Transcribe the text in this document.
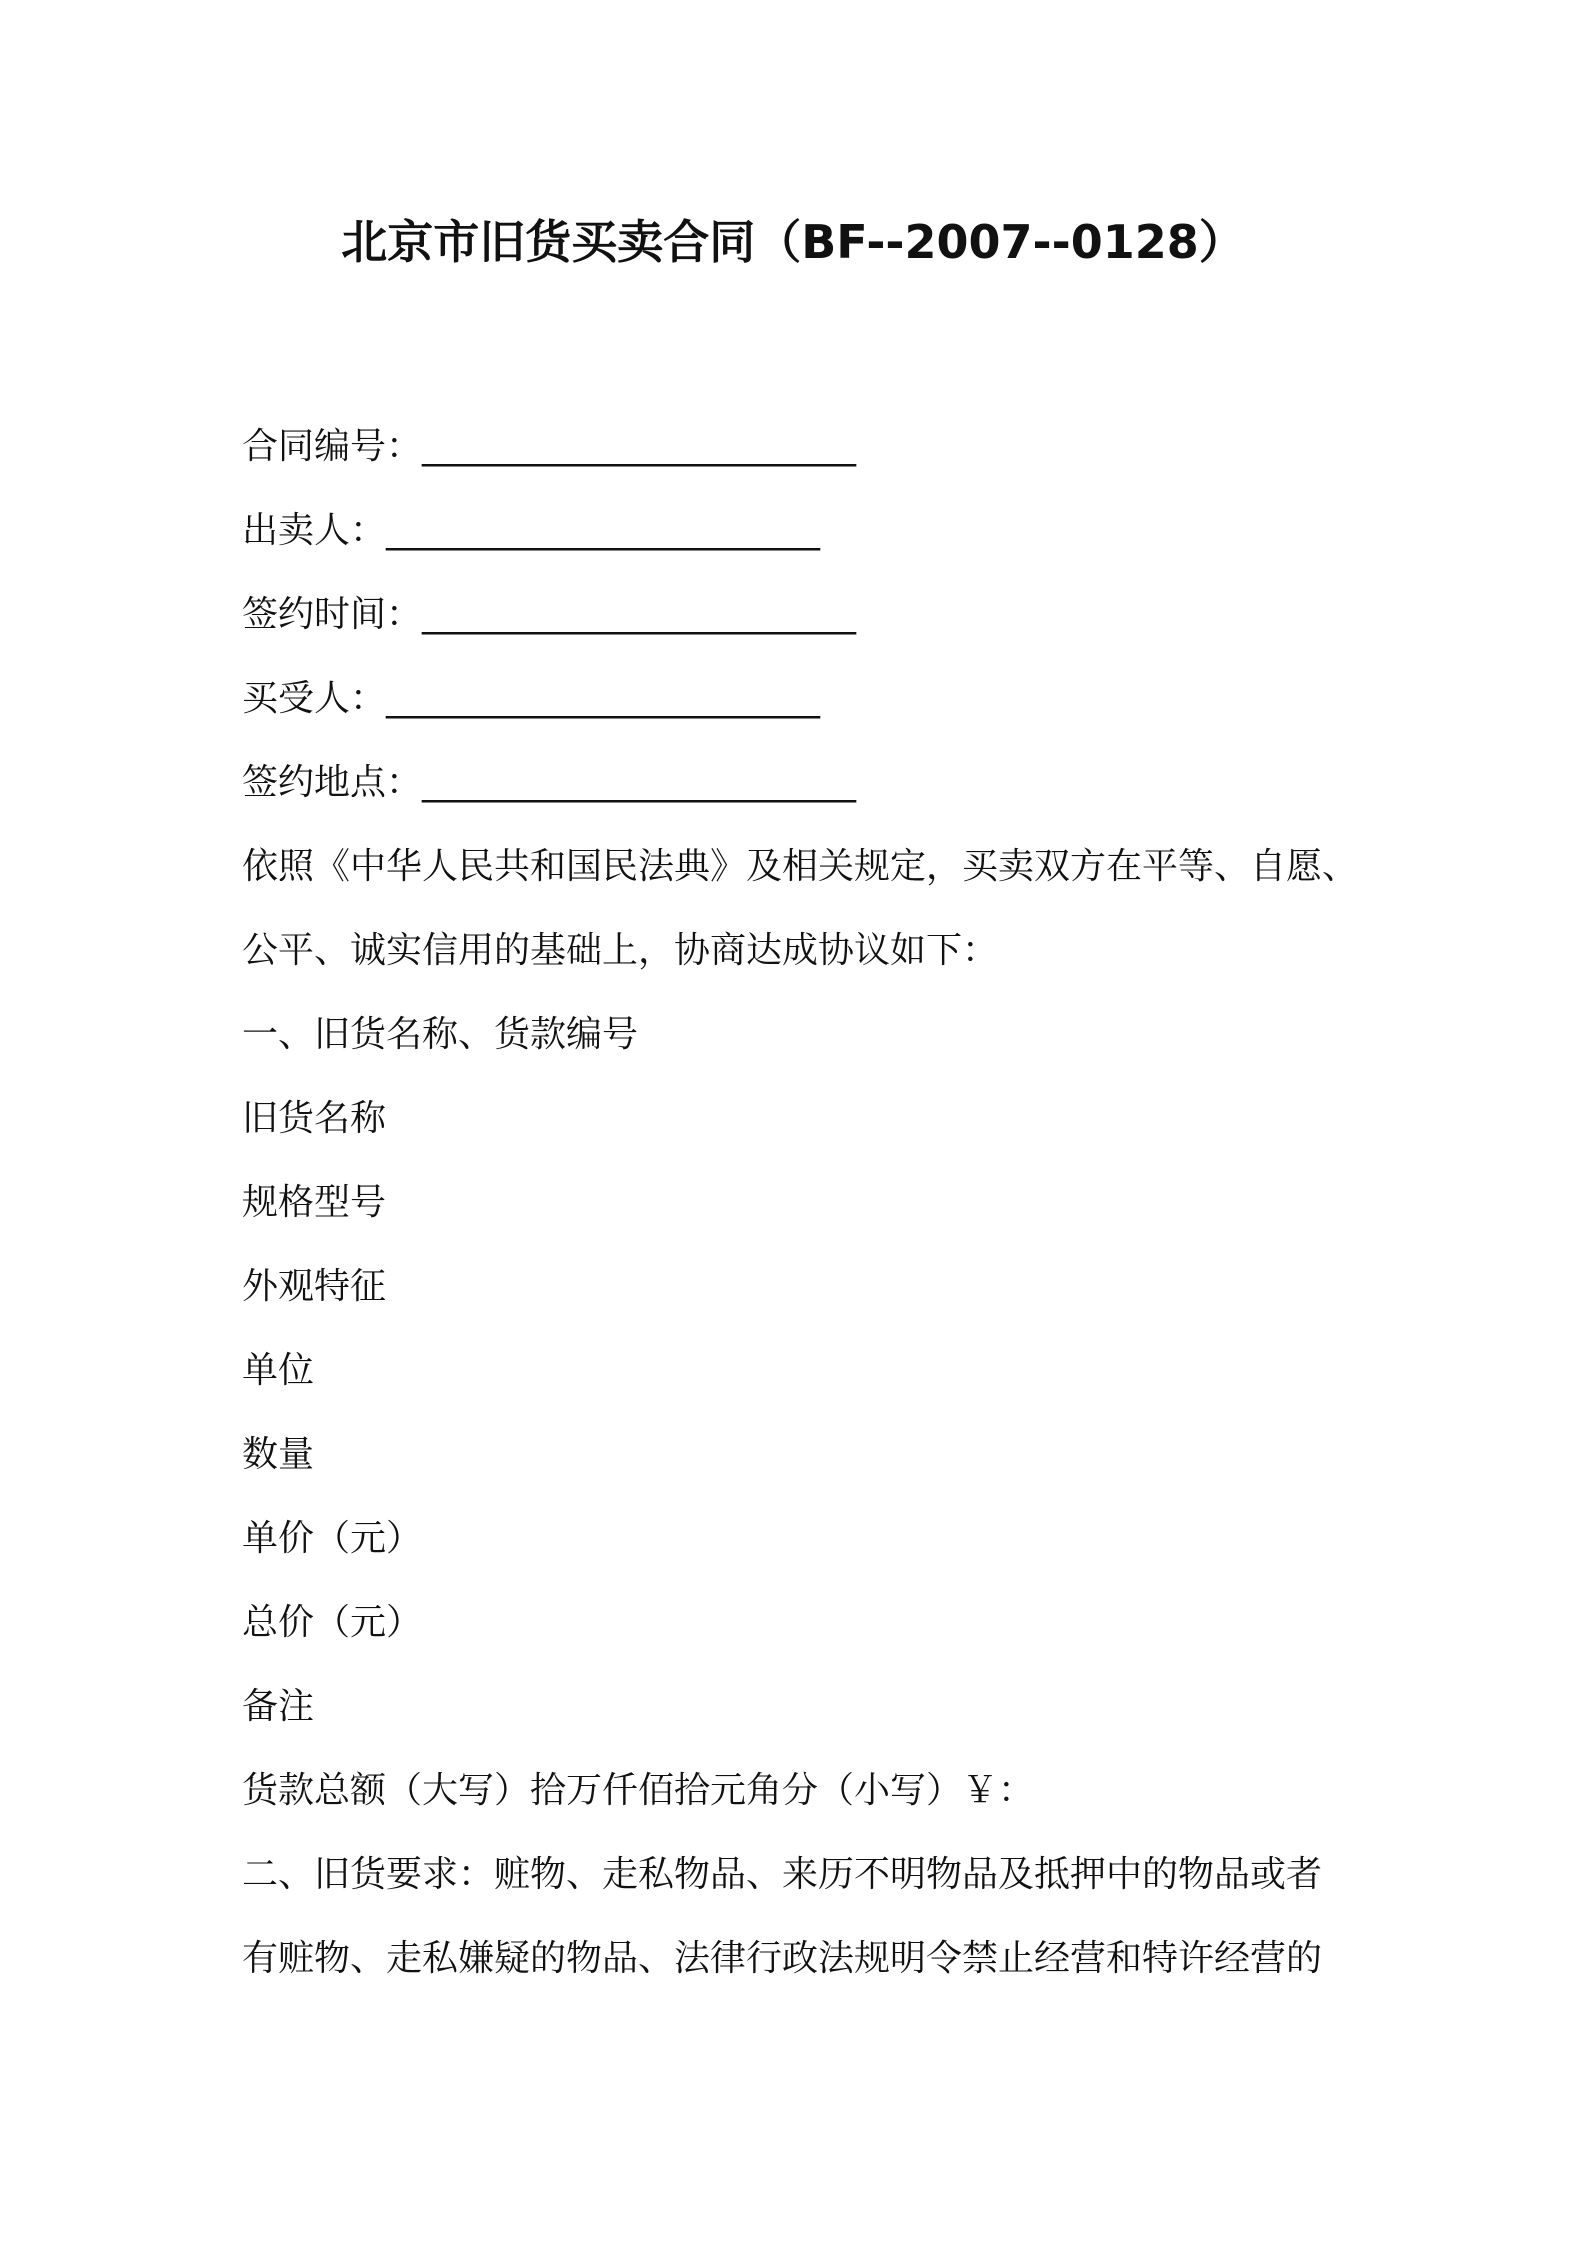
北京市旧货买卖合同（BF--2007--0128）
合同编号：___________________________
出卖人：___________________________
签约时间：___________________________
买受人：___________________________
签约地点：___________________________
依照《中华人民共和国民法典》及相关规定，买卖双方在平等、自愿、
公平、诚实信用的基础上，协商达成协议如下：
一、旧货名称、货款编号
旧货名称
规格型号
外观特征
单位
数量
单价（元）
总价（元）
备注
货款总额（大写）拾万仟佰拾元角分（小写）￥：
二、旧货要求：赃物、走私物品、来历不明物品及抵押中的物品或者
有赃物、走私嫌疑的物品、法律行政法规明令禁止经营和特许经营的
